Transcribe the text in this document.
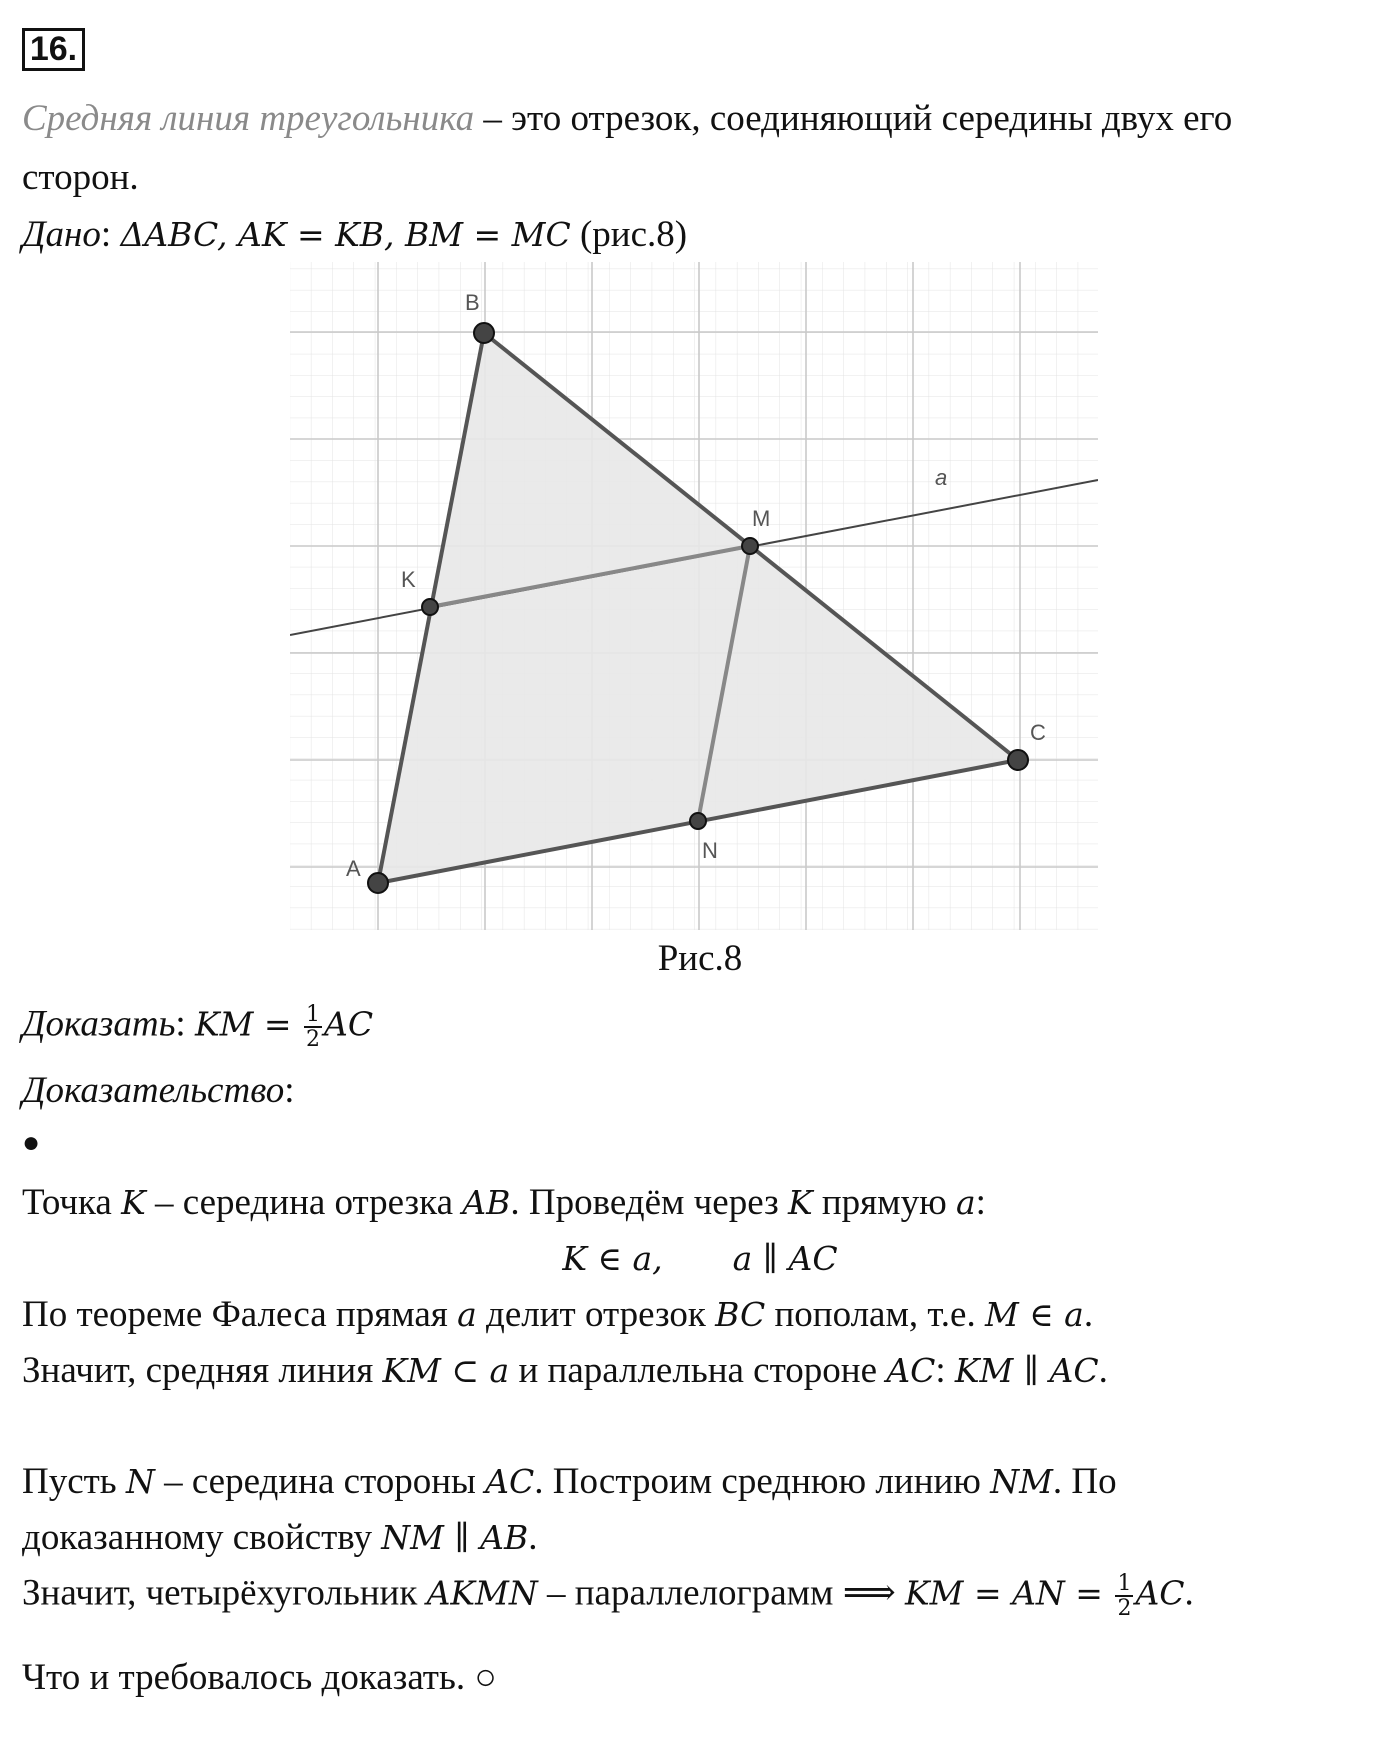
16.
Средняя линия треугольника – это отрезок, соединяющий середины двух его
сторон.
Дано: ΔABC, AK = KB, BM = MC (рис.8)
A
B
C
K
M
N
a
Рис.8
Доказать: KM = $\frac{1}{2}$ AC
Доказательство:
●
Точка K – середина отрезка AB. Проведём через K прямую a:
K ∈ a, a ∥ AC
По теореме Фалеса прямая a делит отрезок BC пополам, т.е. M ∈ a.
Значит, средняя линия KM ⊂ a и параллельна стороне AC: KM ∥ AC.
Пусть N – середина стороны AC. Построим среднюю линию NM. По
доказанному свойству NM ∥ AB.
Значит, четырёхугольник AKMN – параллелограмм ⟹ KM = AN = $\frac{1}{2}$ AC.
Что и требовалось доказать. ○
